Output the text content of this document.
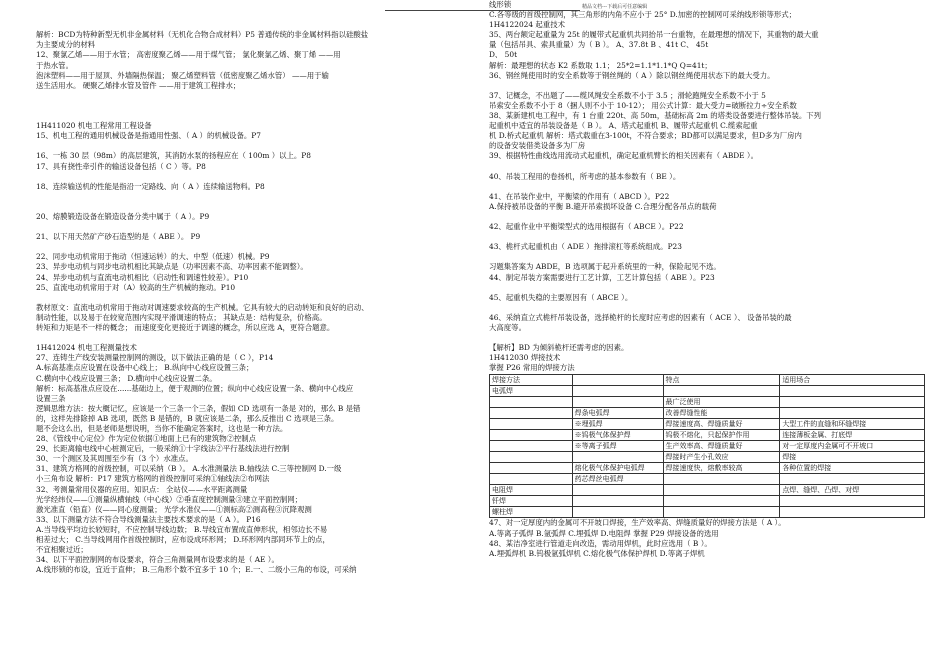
精品文档---下载后可任意编辑
解析：BCD为特种新型无机非金属材料（无机化合物合成材料）P5 普通传统的非金属材料指以硅酸盐
为主要成分的材料
12、聚氯乙烯——用于水管； 高密度聚乙烯——用于煤气管； 氯化聚氯乙烯、聚丁烯 ——用
于热水管。
泡沫塑料——用于屋顶、外墙隔热保温； 聚乙烯塑料管（低密度聚乙烯水管） ——用于输
送生活用水。 硬聚乙烯排水管及管件 ——用于建筑工程排水；
1H411020 机电工程常用工程设备
15、机电工程的通用机械设备是指通用性强、（ A ）的机械设备。P7
16、一栋 30 层（98m）的高层建筑，其消防水泵的扬程应在（ 100m ）以上。P8
17、具有挠性牵引件的输送设备包括（ C ）等。P8
18、连续输送机的性能是指沿一定路线、向（ A ）连续输送物料。P8
20、熔膜锻造设备在锻造设备分类中属于（ A ）。P9
21、以下用天然矿产砂石造型的是（ ABE ）。 P9
22、同步电动机常用于拖动（恒速运转）的大、中型（低速）机械。P9
23、异步电动机与同步电动机相比其缺点是（功率因素不高、功率因素不能调整）。
24、异步电动机与直流电动机相比（启动性和调速性较差）。P10
25、直流电动机常用于对（A）较高的生产机械的拖动。P10
教材原文：直流电动机常用于拖动对调速要求较高的生产机械。它具有较大的启动转矩和良好的启动、
制动性能，以及易于在较宽范围内实现平滑调速的特点； 其缺点是：结构复杂，价格高。
转矩和力矩是不一样的概念； 而速度变化更接近于调速的概念，所以应选 A，更符合题意。
1H412024 机电工程测量技术
27、连铸生产线安装测量控制网的测设，以下做法正确的是（ C ），P14
A.标高基准点应设置在设备中心线上； B.纵向中心线应设置三条；
C.横向中心线应设置三条； D.横向中心线应设置二条。
解析：标高基准点应设在......基础边上，便于观测的位置；纵向中心线应设置一条、横向中心线应
设置三条
逻辑思维方法：按大概记忆，应该是一个三条一个三条，假如 CD 选项有一条是 对的，那么 B 是错
的，这样先排除掉 AB 选项，既然 B 是错的，B 就应该是二条，那么反推出 C 选项是三条。
题不会这么出，但是老师是想说明，当你不能确定答案时，这也是一种方法。
28、《管线中心定位》作为定位依据①地面上已有的建筑物②控制点
29、长距离输电线中心桩测定后，一般采纳①十字线法②平行基线法进行控制
30、一个测区及其周围至少有（3 个）水准点。
31、建筑方格网的首级控制，可以采纳（B ）。 A.水准测量法 B.轴线法 C.三等控制网 D.一级
小三角布设 解析：P17 建筑方格网的首级控制可采纳①轴线法②布网法
32、考测量常用仪器的应用。知识点： 全站仪——水平距离测量
光学经纬仪——①测量纵横轴线（中心线）②垂直度控制测量③建立平面控制网；
激光准直（铅直）仪——同心度测量； 光学水准仪——①测标高②测高程③沉降观测
33、以下测量方法不符合导线测量法主要技术要求的是（ A ）。 P16
A.当导线平均边长较短时，不应控制导线边数； B.导线宜布置成直伸形状，相邻边长不易
相差过大； C.当导线网用作首级控制时，应布设成环形网； D.环形网内部同环节上的点，
不宜相聚过近；
34、以下平面控制网的布设要求，符合三角测量网布设要求的是（ AE ）。
A.线形锁的布设，宜近于直伸； B.三角形个数不宜多于 10 个；E.一、二级小三角的布设，可采纳
线形锁
C.各等级的首级控制网，其三角形的内角不应小于 25° D.加密的控制网可采纳线形锁等形式；
1H4122024 起重技术
35、两台额定起重量为 25t 的履带式起重机共同抬吊一台重物，在最理想的情况下，其重物的最大重
量（包括吊具、索具重量）为（ B ）。 A、37.8t B 、41t C、 45t
D、 50t
解析：最理想的状态 K2 系数取 1.1； 25*2=1.1*1.1*Q Q=41t；
36、钢丝绳使用时的安全系数等于钢丝绳的（ A ）除以钢丝绳使用状态下的最大受力。
37、记概念，不出题了——缆风绳安全系数不小于 3.5 ；滑轮跑绳安全系数不小于 5
吊索安全系数不小于 8（捆人则不小于 10-12）； 用公式计算：最大受力=破断拉力÷安全系数
38、某新建机电工程中，有 1 台重 220t、高 50m，基础标高 2m 的塔类设备要进行整体吊装。下列
起重机中适宜的吊装设备是（ B ）。 A、塔式起重机 B、履带式起重机 C.缆索起重
机 D.桥式起重机 解析：塔式载重在3-100t，不符合要求；BD都可以满足要求，但D多为厂房内
的设备安装借类设备多为厂房
39、根据特性曲线选用流动式起重机，确定起重机臂长的相关因素有（ ABDE ）。
40、吊装工程用的卷扬机，所考虑的基本参数有（ BE ）。
41、在吊装作业中，平衡梁的作用有（ ABCD ）。P22
A.保持被吊设备的平衡 B.避开吊索损坏设备 C.合理分配各吊点的载荷
42、起重作业中平衡梁型式的选用根据有（ ABCE ）。P22
43、桅杆式起重机由（ ADE ）拖排滚杠等系统组成。P23
习题集答案为 ABDE，B 选项属于起升系统里的一种，保险起见不选。
44、制定吊装方案需要进行工艺计算，工艺计算包括（ ABE ）。P23
45、起重机失稳的主要原因有（ ABCE ）。
46、采纳直立式桅杆吊装设备，选择桅杆的长度时应考虑的因素有（ ACE ）、 设备吊装的最
大高度等。
【解析】BD 为倾斜桅杆还需考虑的因素。
1H412030 焊接技术
掌握 P26 常用的焊接方法
焊接方法		特点	适用场合
电弧焊			
		最广泛使用	
	焊条电弧焊	改善焊缝性能	
	※埋弧焊	焊接速度高、焊缝质量好	大型工件的直缝和环缝焊接
	※钨极气体保护焊	钨极不熔化，只起保护作用	连接薄板金属、打底焊
	※等离子弧焊	生产效率高、焊缝质量好	对一定厚度内金属可不开坡口
		焊接时产生小孔效应	焊接
	熔化极气体保护电弧焊	焊接速度快，熔敷率较高	各种位置的焊接
	药芯焊丝电弧焊		
电阻焊			点焊、缝焊、凸焊、对焊
钎焊			
螺柱焊			
47、对一定厚度内的金属可不开坡口焊接，生产效率高、焊缝质量好的焊接方法是（ A ）。
A.等离子弧焊 B.氩弧焊 C.埋弧焊 D.电阻焊 掌握 P29 焊接设备的选用
48、某洁净室进行管道走向改造，需动用焊机，此时应选用（ B ）。
A.埋弧焊机 B.钨极氩弧焊机 C.熔化极气体保护焊机 D.等离子焊机
